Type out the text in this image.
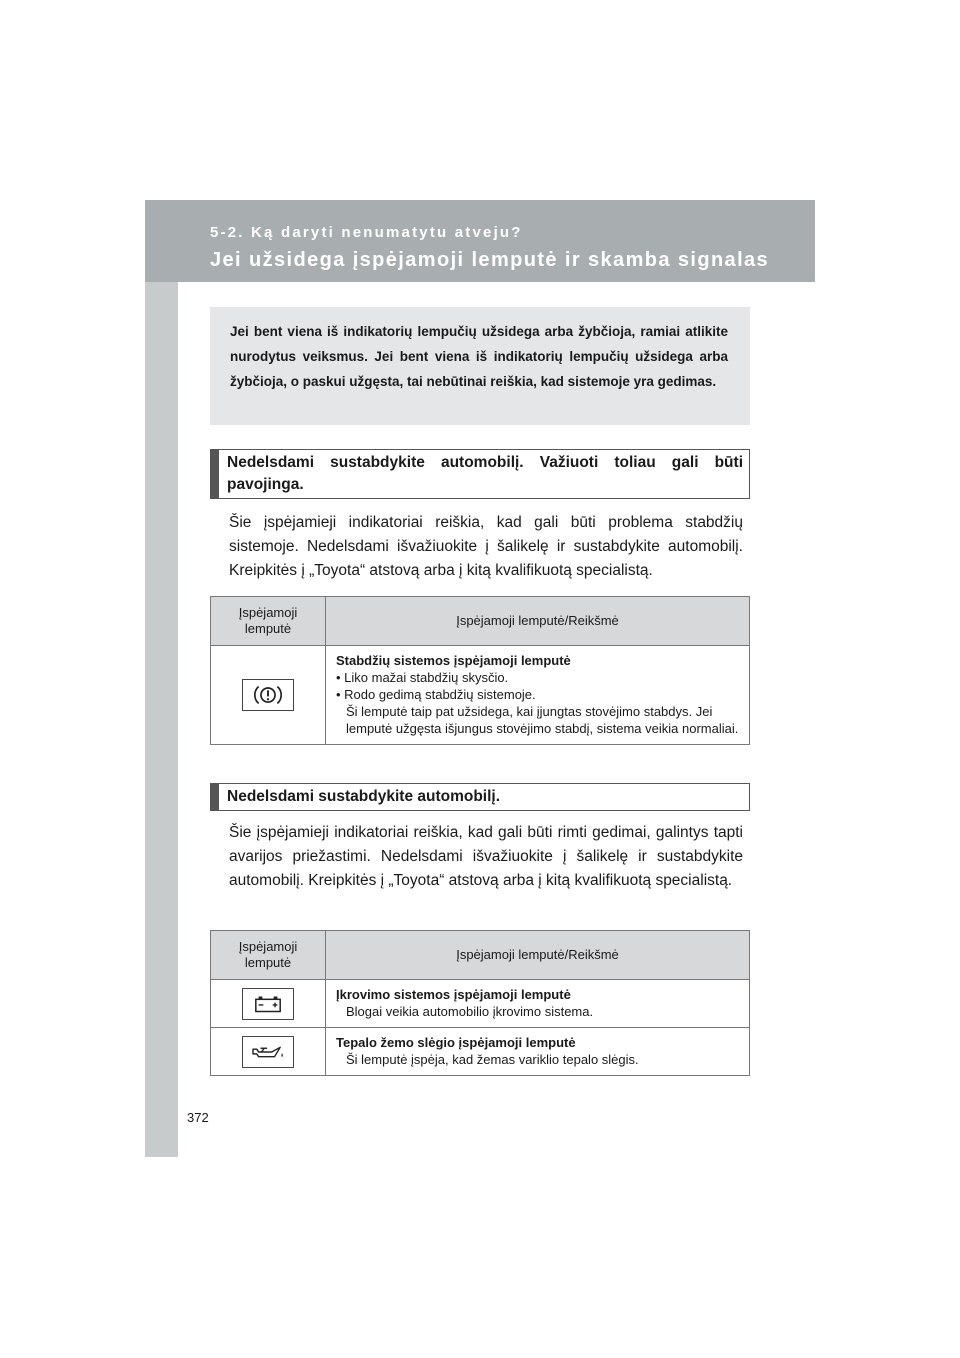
5-2. Ką daryti nenumatytu atveju?
Jei užsidega įspėjamoji lemputė ir skamba signalas
Jei bent viena iš indikatorių lempučių užsidega arba žybčioja, ramiai atlikite nurodytus veiksmus. Jei bent viena iš indikatorių lempučių užsidega arba žybčioja, o paskui užgęsta, tai nebūtinai reiškia, kad sistemoje yra gedimas.
Nedelsdami sustabdykite automobilį. Važiuoti toliau gali būti pavojinga.
Šie įspėjamieji indikatoriai reiškia, kad gali būti problema stabdžių sistemoje. Nedelsdami išvažiuokite į šalikelę ir sustabdykite automobilį. Kreipkitės į „Toyota“ atstovą arba į kitą kvalifikuotą specialistą.
Įspėjamoji lemputė	Įspėjamoji lemputė/Reikšmė

Stabdžių sistemos įspėjamoji lemputė
• Liko mažai stabdžių skysčio.
• Rodo gedimą stabdžių sistemoje.
Ši lemputė taip pat užsidega, kai įjungtas stovėjimo stabdys. Jei lemputė užgęsta išjungus stovėjimo stabdį, sistema veikia normaliai.
Nedelsdami sustabdykite automobilį.
Šie įspėjamieji indikatoriai reiškia, kad gali būti rimti gedimai, galintys tapti avarijos priežastimi. Nedelsdami išvažiuokite į šalikelę ir sustabdykite automobilį. Kreipkitės į „Toyota“ atstovą arba į kitą kvalifikuotą specialistą.
Įspėjamoji lemputė	Įspėjamoji lemputė/Reikšmė

Įkrovimo sistemos įspėjamoji lemputė
Blogai veikia automobilio įkrovimo sistema.

Tepalo žemo slėgio įspėjamoji lemputė
Ši lemputė įspėja, kad žemas variklio tepalo slėgis.
372
